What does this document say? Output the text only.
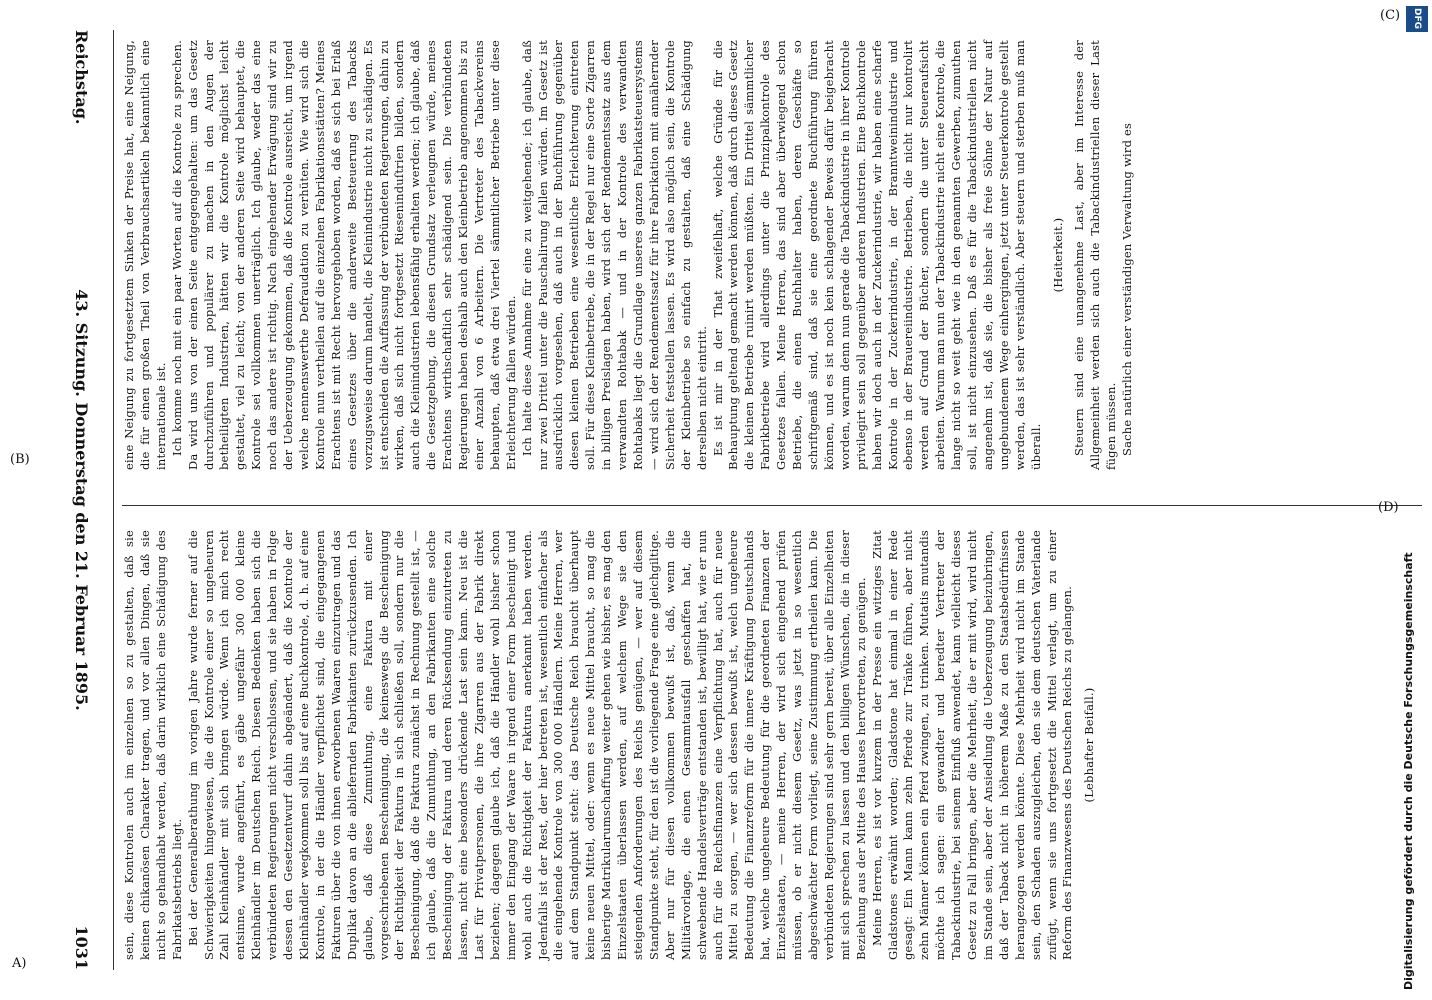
Reichstag.
43. Sitzung. Donnerstag den 21. Februar 1895.
1031

eine Neigung zu fortgesetztem Sinken der Preise hat, eine Neigung, die für einen großen Theil von Verbrauchsartikeln bekanntlich eine internationale ist. Ich komme noch mit ein paar Worten auf die Kontrole zu sprechen. Da wird uns von der einen Seite entgegengehalten: um das Gesetz durchzuführen und populärer zu machen in den Augen der betheiligten Industrien, hätten wir die Kontrole möglichst leicht gestaltet, viel zu leicht; von der anderen Seite wird behauptet, die Kontrole sei vollkommen unerträglich. Ich glaube, weder das eine noch das andere ist richtig. Nach eingehender Erwägung sind wir zu der Ueberzeugung gekommen, daß die Kontrole ausreicht, um irgend welche nennenswerthe Defraudation zu verhüten. Wie wird sich die Kontrole nun vertheilen auf die einzelnen Fabrikationsstätten? Meines Erachtens ist mit Recht hervorgehoben worden, daß es sich bei Erlaß eines Gesetzes über die anderweite Besteuerung des Tabacks vorzugsweise darum handelt, die Kleinindustrie nicht zu schädigen. Es ist entschieden die Auffassung der verbündeten Regierungen, dahin zu wirken, daß sich nicht fortgesetzt Rieseninduſtrien bilden, sondern auch die Kleinindustrien lebensfähig erhalten werden; ich glaube, daß die Gesetzgebung, die diesen Grundsatz verleugnen würde, meines Erachtens wirthschaftlich sehr schädigend sein. Die verbündeten Regierungen haben deshalb auch den Kleinbetrieb angenommen bis zu einer Anzahl von 6 Arbeitern. Die Vertreter des Tabackvereins behaupten, daß etwa drei Viertel sämmtlicher Betriebe unter diese Erleichterung fallen würden. Ich halte diese Annahme für eine zu weitgehende; ich glaube, daß nur zwei Drittel unter die Pauschalirung fallen würden. Im Gesetz ist ausdrücklich vorgesehen, daß auch in der Buchführung gegenüber diesen kleinen Betrieben eine wesentliche Erleichterung eintreten soll. Für diese Kleinbetriebe, die in der Regel nur eine Sorte Zigarren in billigen Preislagen haben, wird sich der Rendementssatz aus dem verwandten Rohtabak — und in der Kontrole des verwandten Rohtabaks liegt die Grundlage unseres ganzen Fabrikatsteuersystems — wird sich der Rendementssatz für ihre Fabrikation mit annähernder Sicherheit feststellen lassen. Es wird also möglich sein, die Kontrole der Kleinbetriebe so einfach zu gestalten, daß eine Schädigung derselben nicht eintritt. Es ist mir in der That zweifelhaft, welche Gründe für die Behauptung geltend gemacht werden können, daß durch dieses Gesetz die kleinen Betriebe ruinirt werden müßten. Ein Drittel sämmtlicher Fabrikbetriebe wird allerdings unter die Prinzipalkontrole des Gesetzes fallen. Meine Herren, das sind aber überwiegend schon Betriebe, die einen Buchhalter haben, deren Geschäfte so schriftgemäß sind, daß sie eine geordnete Buchführung führen können, und es ist noch kein schlagender Beweis dafür beigebracht worden, warum denn nun gerade die Tabackindustrie in ihrer Kontrole privilegirt sein soll gegenüber anderen Industrien. Eine Buchkontrole haben wir doch auch in der Zuckerindustrie, wir haben eine scharfe Kontrole in der Zuckerindustrie, in der Branntweinindustrie und ebenso in der Brauereiindustrie. Betrieben, die nicht nur kontrolirt werden auf Grund der Bücher, sondern die unter Steueraufsicht arbeiten. Warum man nun der Tabackindustrie nicht eine Kontrole, die lange nicht so weit geht wie in den genannten Gewerben, zumuthen soll, ist nicht einzusehen. Daß es für die Tabackindustriellen nicht angenehm ist, daß sie, die bisher als freie Söhne der Natur auf ungebundenem Wege einhergingen, jetzt unter Steuerkontrole gestellt werden, das ist sehr verständlich. Aber steuern und sterben muß man überall.

(Heiterkeit.) Steuern sind eine unangenehme Last, aber im Interesse der Allgemeinheit werden sich auch die Tabackindustriellen dieser Last fügen müssen. Sache natürlich einer verständigen Verwaltung wird es

sein, diese Kontrolen auch im einzelnen so zu gestalten, daß sie keinen chikanösen Charakter tragen, und vor allen Dingen, daß sie nicht so gehandhabt werden, daß darin wirklich eine Schädigung des Fabrikatsbetriebs liegt. Bei der Generalberathung im vorigen Jahre wurde ferner auf die Schwierigkeiten hingewiesen, die die Kontrole einer so ungeheuren Zahl Kleinhändler mit sich bringen würde. Wenn ich mich recht entsinne, wurde angeführt, es gäbe ungefähr 300 000 kleine Kleinhändler im Deutschen Reich. Diesen Bedenken haben sich die verbündeten Regierungen nicht verschlossen, und sie haben in Folge dessen den Gesetzentwurf dahin abgeändert, daß die Kontrole der Kleinhändler wegkommen soll bis auf eine Buchkontrole, d. h. auf eine Kontrole, in der die Händler verpflichtet sind, die eingegangenen Fakturen über die von ihnen erworbenen Waaren einzutragen und das Duplikat davon an die abliefernden Fabrikanten zurückzusenden. Ich glaube, daß diese Zumuthung, eine Faktura mit einer vorgeschriebenen Bescheinigung, die keineswegs die Bescheinigung der Richtigkeit der Faktura in sich schließen soll, sondern nur die Bescheinigung, daß die Faktura zunächst in Rechnung gestellt ist, — ich glaube, daß die Zumuthung, an den Fabrikanten eine solche Bescheinigung der Faktura und deren Rücksendung einzutreten zu lassen, nicht eine besonders drückende Last sein kann. Neu ist die Last für Privatpersonen, die ihre Zigarren aus der Fabrik direkt beziehen; dagegen glaube ich, daß die Händler wohl bisher schon immer den Eingang der Waare in irgend einer Form bescheinigt und wohl auch die Richtigkeit der Faktura anerkannt haben werden. Jedenfalls ist der Rest, der hier betreten ist, wesentlich einfacher als die eingehende Kontrole von 300 000 Händlern. Meine Herren, wer auf dem Standpunkt steht: das Deutsche Reich braucht überhaupt keine neuen Mittel, oder: wenn es neue Mittel braucht, so mag die bisherige Matrikularumschaffung weiter gehen wie bisher, es mag den Einzelstaaten überlassen werden, auf welchem Wege sie den steigenden Anforderungen des Reichs genügen, — wer auf diesem Standpunkte steht, für den ist die vorliegende Frage eine gleichgiltige. Aber nur für diesen vollkommen bewußt ist, daß, wenn die Militärvorlage, die einen Gesammtausfall geschaffen hat, die schwebende Handelsverträge entstanden ist, bewilligt hat, wie er nun auch für die Reichsfinanzen eine Verpflichtung hat, auch für neue Mittel zu sorgen, — wer sich dessen bewußt ist, welch ungeheure Bedeutung die Finanzreform für die innere Kräftigung Deutschlands hat, welche ungeheure Bedeutung für die geordneten Finanzen der Einzelstaaten, — meine Herren, der wird sich eingehend prüfen müssen, ob er nicht diesem Gesetz, was jetzt in so wesentlich abgeschwächter Form vorliegt, seine Zustimmung ertheilen kann. Die verbündeten Regierungen sind sehr gern bereit, über alle Einzelheiten mit sich sprechen zu lassen und den billigen Wünschen, die in dieser Beziehung aus der Mitte des Hauses hervortreten, zu genügen. Meine Herren, es ist vor kurzem in der Presse ein witziges Zitat Gladstones erwähnt worden; Gladstone hat einmal in einer Rede gesagt: Ein Mann kann zehn Pferde zur Tränke führen, aber nicht zehn Männer können ein Pferd zwingen, zu trinken. Mutatis mutandis möchte ich sagen: ein gewandter und beredter Vertreter der Tabackindustrie, bei seinem Einfluß anwendet, kann vielleicht dieses Gesetz zu Fall bringen, aber die Mehrheit, die er mit wird, wird nicht im Stande sein, aber der Ansiedlung die Ueberzeugung beizubringen, daß der Taback nicht in höherem Maße zu den Staatsbedürfnissen herangezogen werden könnte. Diese Mehrheit wird nicht im Stande sein, den Schaden auszugleichen, den sie dem deutschen Vaterlande zufügt, wenn sie uns fortgesetzt die Mittel verlagt, um zu einer Reform des Finanzwesens des Deutschen Reichs zu gelangen. (Lebhafter Beifall.)

A)
(B)
(C)
(D)
DFG
Digitalisierung gefördert durch die Deutsche Forschungsgemeinschaft
